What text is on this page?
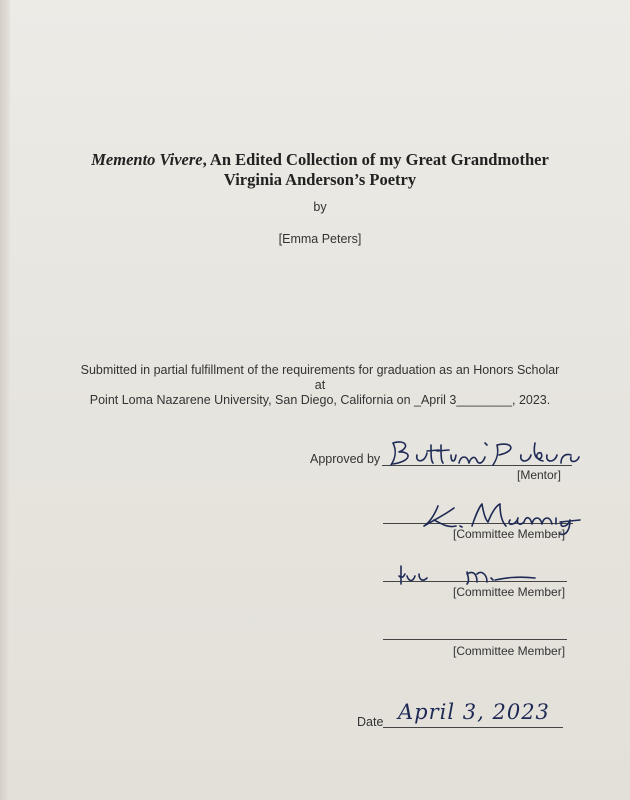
Memento Vivere, An Edited Collection of my Great Grandmother
Virginia Anderson’s Poetry
by
[Emma Peters]
Submitted in partial fulfillment of the requirements for graduation as an Honors Scholar
at
Point Loma Nazarene University, San Diego, California on _April 3________, 2023.
Approved by
[Mentor]
[Committee Member]
[Committee Member]
[Committee Member]
Date April 3, 2023
